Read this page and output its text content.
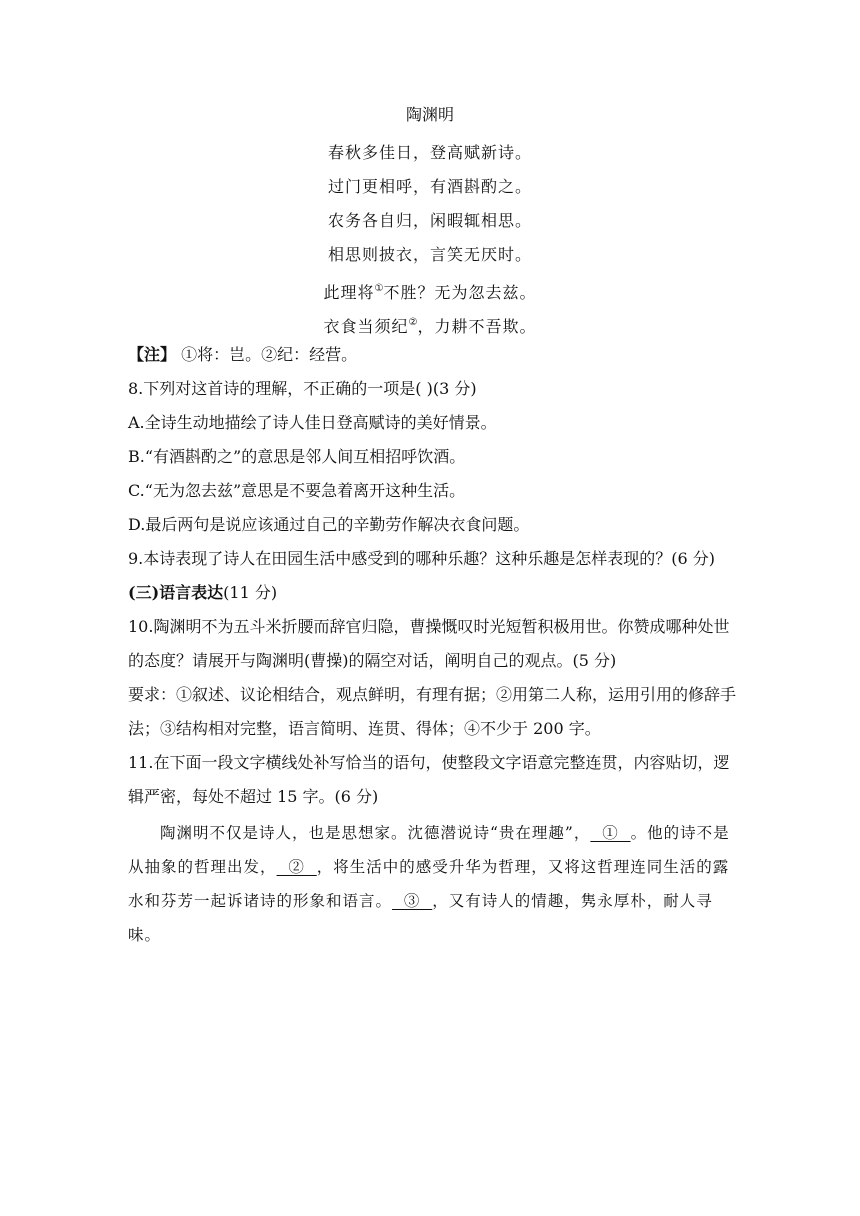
陶渊明
春秋多佳日，登高赋新诗。
过门更相呼，有酒斟酌之。
农务各自归，闲暇辄相思。
相思则披衣，言笑无厌时。
此理将①不胜？无为忽去兹。
衣食当须纪②，力耕不吾欺。
【注】 ①将：岂。②纪：经营。
8.下列对这首诗的理解，不正确的一项是( )(3 分)
A.全诗生动地描绘了诗人佳日登高赋诗的美好情景。
B.“有酒斟酌之”的意思是邻人间互相招呼饮酒。
C.“无为忽去兹”意思是不要急着离开这种生活。
D.最后两句是说应该通过自己的辛勤劳作解决衣食问题。
9.本诗表现了诗人在田园生活中感受到的哪种乐趣？这种乐趣是怎样表现的？(6 分)
(三)语言表达(11 分)
10.陶渊明不为五斗米折腰而辞官归隐，曹操慨叹时光短暂积极用世。你赞成哪种处世的态度？请展开与陶渊明(曹操)的隔空对话，阐明自己的观点。(5 分)
要求：①叙述、议论相结合，观点鲜明，有理有据；②用第二人称，运用引用的修辞手法；③结构相对完整，语言简明、连贯、得体；④不少于 200 字。
11.在下面一段文字横线处补写恰当的语句，使整段文字语意完整连贯，内容贴切，逻辑严密，每处不超过 15 字。(6 分)
陶渊明不仅是诗人，也是思想家。沈德潜说诗“贵在理趣”，  ①  。他的诗不是从抽象的哲理出发，  ②  ，将生活中的感受升华为哲理，又将这哲理连同生活的露水和芬芳一起诉诸诗的形象和语言。  ③  ，又有诗人的情趣，隽永厚朴，耐人寻味。
